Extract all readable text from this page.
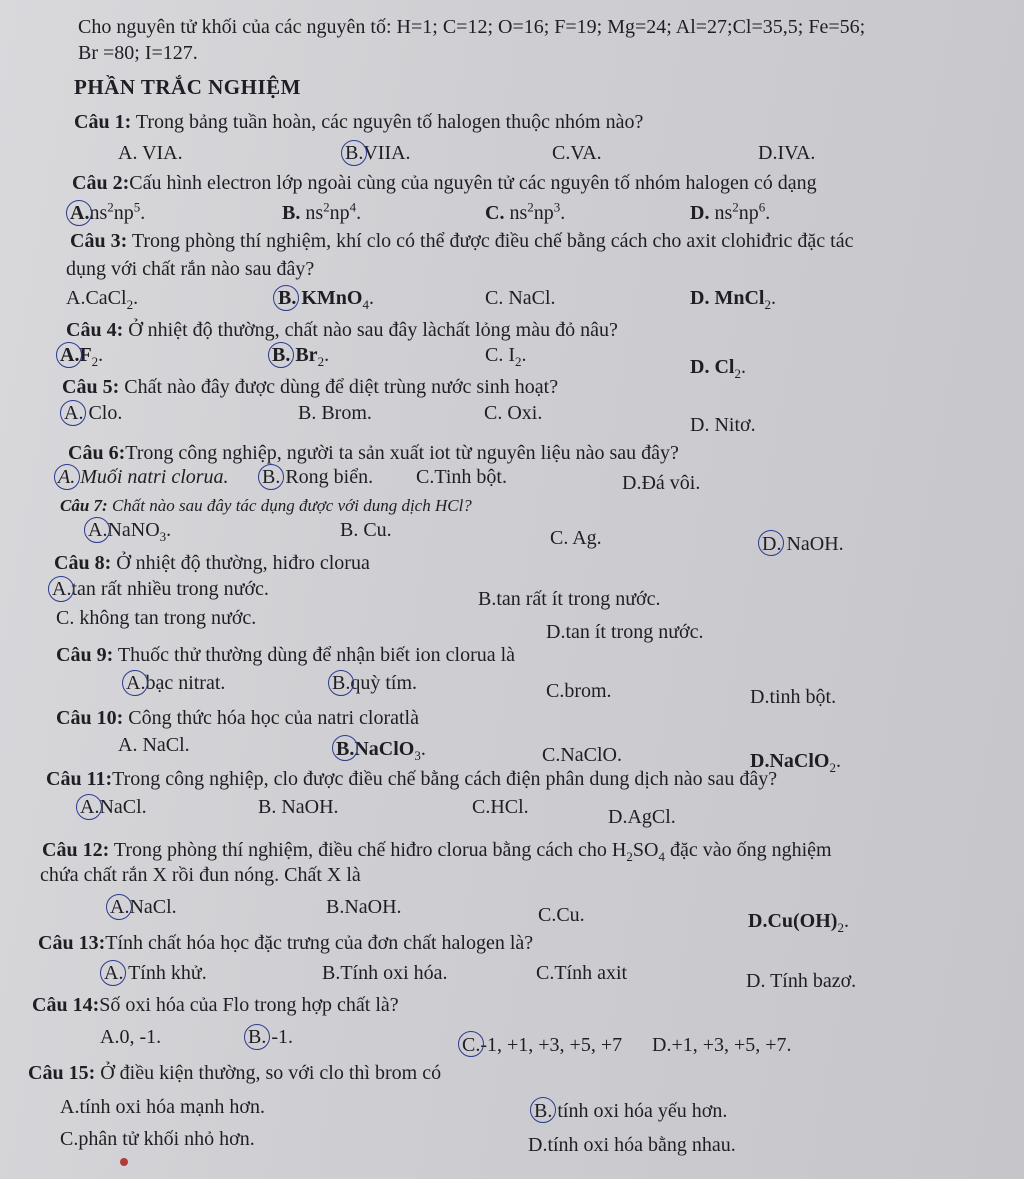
Cho nguyên tử khối của các nguyên tố: H=1; C=12; O=16; F=19; Mg=24; Al=27;Cl=35,5; Fe=56;
Br =80; I=127.
PHẦN TRẮC NGHIỆM
Câu 1: Trong bảng tuần hoàn, các nguyên tố halogen thuộc nhóm nào?
A. VIA.	B.VIIA.	C.VA.	D.IVA.
Câu 2:Cấu hình electron lớp ngoài cùng của nguyên tử các nguyên tố nhóm halogen có dạng
$A.ns^2np^5$.	B. $ns^2np^4$.	C. $ns^2np^3$.	D. $ns^2np^6$.
Câu 3: Trong phòng thí nghiệm, khí clo có thể được điều chế bằng cách cho axit clohiđric đặc tác
dụng với chất rắn nào sau đây?
A.CaCl$_2$.	B. KMnO$_4$.	C. NaCl.	D. MnCl$_2$.
Câu 4: Ở nhiệt độ thường, chất nào sau đây làchất lỏng màu đỏ nâu?
$A.F_2$.	B. $Br_2$.	C. $I_2$.
D. $Cl_2$.
Câu 5: Chất nào đây được dùng để diệt trùng nước sinh hoạt?
A. Clo.	B. Brom.	C. Oxi.
D. Nitơ.
Câu 6:Trong công nghiệp, người ta sản xuất iot từ nguyên liệu nào sau đây?
A. Muối natri clorua. B. Rong biển. C.Tinh bột.	D.Đá vôi.
Câu 7: Chất nào sau đây tác dụng được với dung dịch HCl?
A.NaNO$_3$.	B. Cu.	C. Ag.	D. NaOH.
Câu 8: Ở nhiệt độ thường, hiđro clorua
A.tan rất nhiều trong nước.	B.tan rất ít trong nước.
C. không tan trong nước.
D.tan ít trong nước.
Câu 9: Thuốc thử thường dùng để nhận biết ion clorua là
A.bạc nitrat.	B.quỳ tím.	C.brom.	D.tinh bột.
Câu 10: Công thức hóa học của natri cloratlà
A. NaCl.	B.NaClO$_3$.	C.NaClO.	D.NaClO$_2$.
Câu 11:Trong công nghiệp, clo được điều chế bằng cách điện phân dung dịch nào sau đây?
A.NaCl.	B. NaOH.	C.HCl.	D.AgCl.
Câu 12: Trong phòng thí nghiệm, điều chế hiđro clorua bằng cách cho $H_2SO_4$ đặc vào ống nghiệm
chứa chất rắn X rồi đun nóng. Chất X là
A.NaCl.	B.NaOH.	C.Cu.	$D.Cu(OH)_2$.
Câu 13:Tính chất hóa học đặc trưng của đơn chất halogen là?
A. Tính khử.	B.Tính oxi hóa.	C.Tính axit	D. Tính bazơ.
Câu 14:Số oxi hóa của Flo trong hợp chất là?
A.0, -1.	B. -1.	C.-1, +1, +3, +5, +7 D.+1, +3, +5, +7.
Câu 15: Ở điều kiện thường, so với clo thì brom có
A.tính oxi hóa mạnh hơn.	B. tính oxi hóa yếu hơn.
C.phân tử khối nhỏ hơn.	D.tính oxi hóa bằng nhau.
